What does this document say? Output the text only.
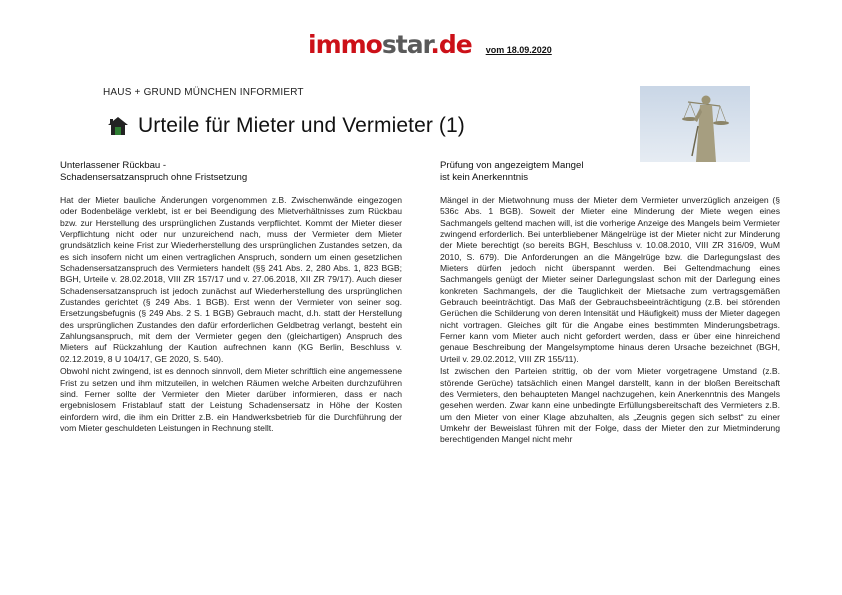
immostar.de vom 18.09.2020
HAUS + GRUND MÜNCHEN INFORMIERT
Urteile für Mieter und Vermieter (1)
Unterlassener Rückbau -
Schadensersatzanspruch ohne Fristsetzung

Hat der Mieter bauliche Änderungen vorgenommen z.B. Zwischenwände eingezogen oder Bodenbeläge verklebt, ist er bei Beendigung des Mietverhältnisses zum Rückbau bzw. zur Herstellung des ursprünglichen Zustands verpflichtet. Kommt der Mieter dieser Verpflichtung nicht oder nur unzureichend nach, muss der Vermieter dem Mieter grundsätzlich keine Frist zur Wiederherstellung des ursprünglichen Zustandes setzen, da es sich insofern nicht um einen vertraglichen Anspruch, sondern um einen gesetzlichen Schadensersatzanspruch des Vermieters handelt (§§ 241 Abs. 2, 280 Abs. 1, 823 BGB; BGH, Urteile v. 28.02.2018, VIII ZR 157/17 und v. 27.06.2018, XII ZR 79/17). Auch dieser Schadensersatzanspruch ist jedoch zunächst auf Wiederherstellung des ursprünglichen Zustandes gerichtet (§ 249 Abs. 1 BGB). Erst wenn der Vermieter von seiner sog. Ersetzungsbefugnis (§ 249 Abs. 2 S. 1 BGB) Gebrauch macht, d.h. statt der Herstellung des ursprünglichen Zustandes den dafür erforderlichen Geldbetrag verlangt, besteht ein Zahlungsanspruch, mit dem der Vermieter gegen den (gleichartigen) Anspruch des Mieters auf Rückzahlung der Kaution aufrechnen kann (KG Berlin, Beschluss v. 02.12.2019, 8 U 104/17, GE 2020, S. 540).

Obwohl nicht zwingend, ist es dennoch sinnvoll, dem Mieter schriftlich eine angemessene Frist zu setzen und ihm mitzuteilen, in welchen Räumen welche Arbeiten durchzuführen sind. Ferner sollte der Vermieter den Mieter darüber informieren, dass er nach ergebnislosem Fristablauf statt der Leistung Schadensersatz in Höhe der Kosten einfordern wird, die ihm ein Dritter z.B. ein Handwerksbetrieb für die Durchführung der vom Mieter geschuldeten Leistungen in Rechnung stellt.

Prüfung von angezeigtem Mangel
ist kein Anerkenntnis

Mängel in der Mietwohnung muss der Mieter dem Vermieter unverzüglich anzeigen (§ 536c Abs. 1 BGB). Soweit der Mieter eine Minderung der Miete wegen eines Sachmangels geltend machen will, ist die vorherige Anzeige des Mangels beim Vermieter zwingend erforderlich. Bei unterbliebener Mängelrüge ist der Mieter nicht zur Minderung der Miete berechtigt (so bereits BGH, Beschluss v. 10.08.2010, VIII ZR 316/09, WuM 2010, S. 679). Die Anforderungen an die Mängelrüge bzw. die Darlegungslast des Mieters dürfen jedoch nicht überspannt werden. Bei Geltendmachung eines Sachmangels genügt der Mieter seiner Darlegungslast schon mit der Darlegung eines konkreten Sachmangels, der die Tauglichkeit der Mietsache zum vertragsgemäßen Gebrauch beeinträchtigt. Das Maß der Gebrauchsbeeinträchtigung (z.B. bei störenden Gerüchen die Schilderung von deren Intensität und Häufigkeit) muss der Mieter dagegen nicht vortragen. Gleiches gilt für die Angabe eines bestimmten Minderungsbetrags. Ferner kann vom Mieter auch nicht gefordert werden, dass er über eine hinreichend genaue Beschreibung der Mangelsymptome hinaus deren Ursache bezeichnet (BGH, Urteil v. 29.02.2012, VIII ZR 155/11).

Ist zwischen den Parteien strittig, ob der vom Mieter vorgetragene Umstand (z.B. störende Gerüche) tatsächlich einen Mangel darstellt, kann in der bloßen Bereitschaft des Vermieters, den behaupteten Mangel nachzugehen, kein Anerkenntnis des Mangels gesehen werden. Zwar kann eine unbedingte Erfüllungsbereitschaft des Vermieters z.B. um den Mieter von einer Klage abzuhalten, als „Zeugnis gegen sich selbst“ zu einer Umkehr der Beweislast führen mit der Folge, dass der Mieter den zur Mietminderung berechtigenden Mangel nicht mehr
